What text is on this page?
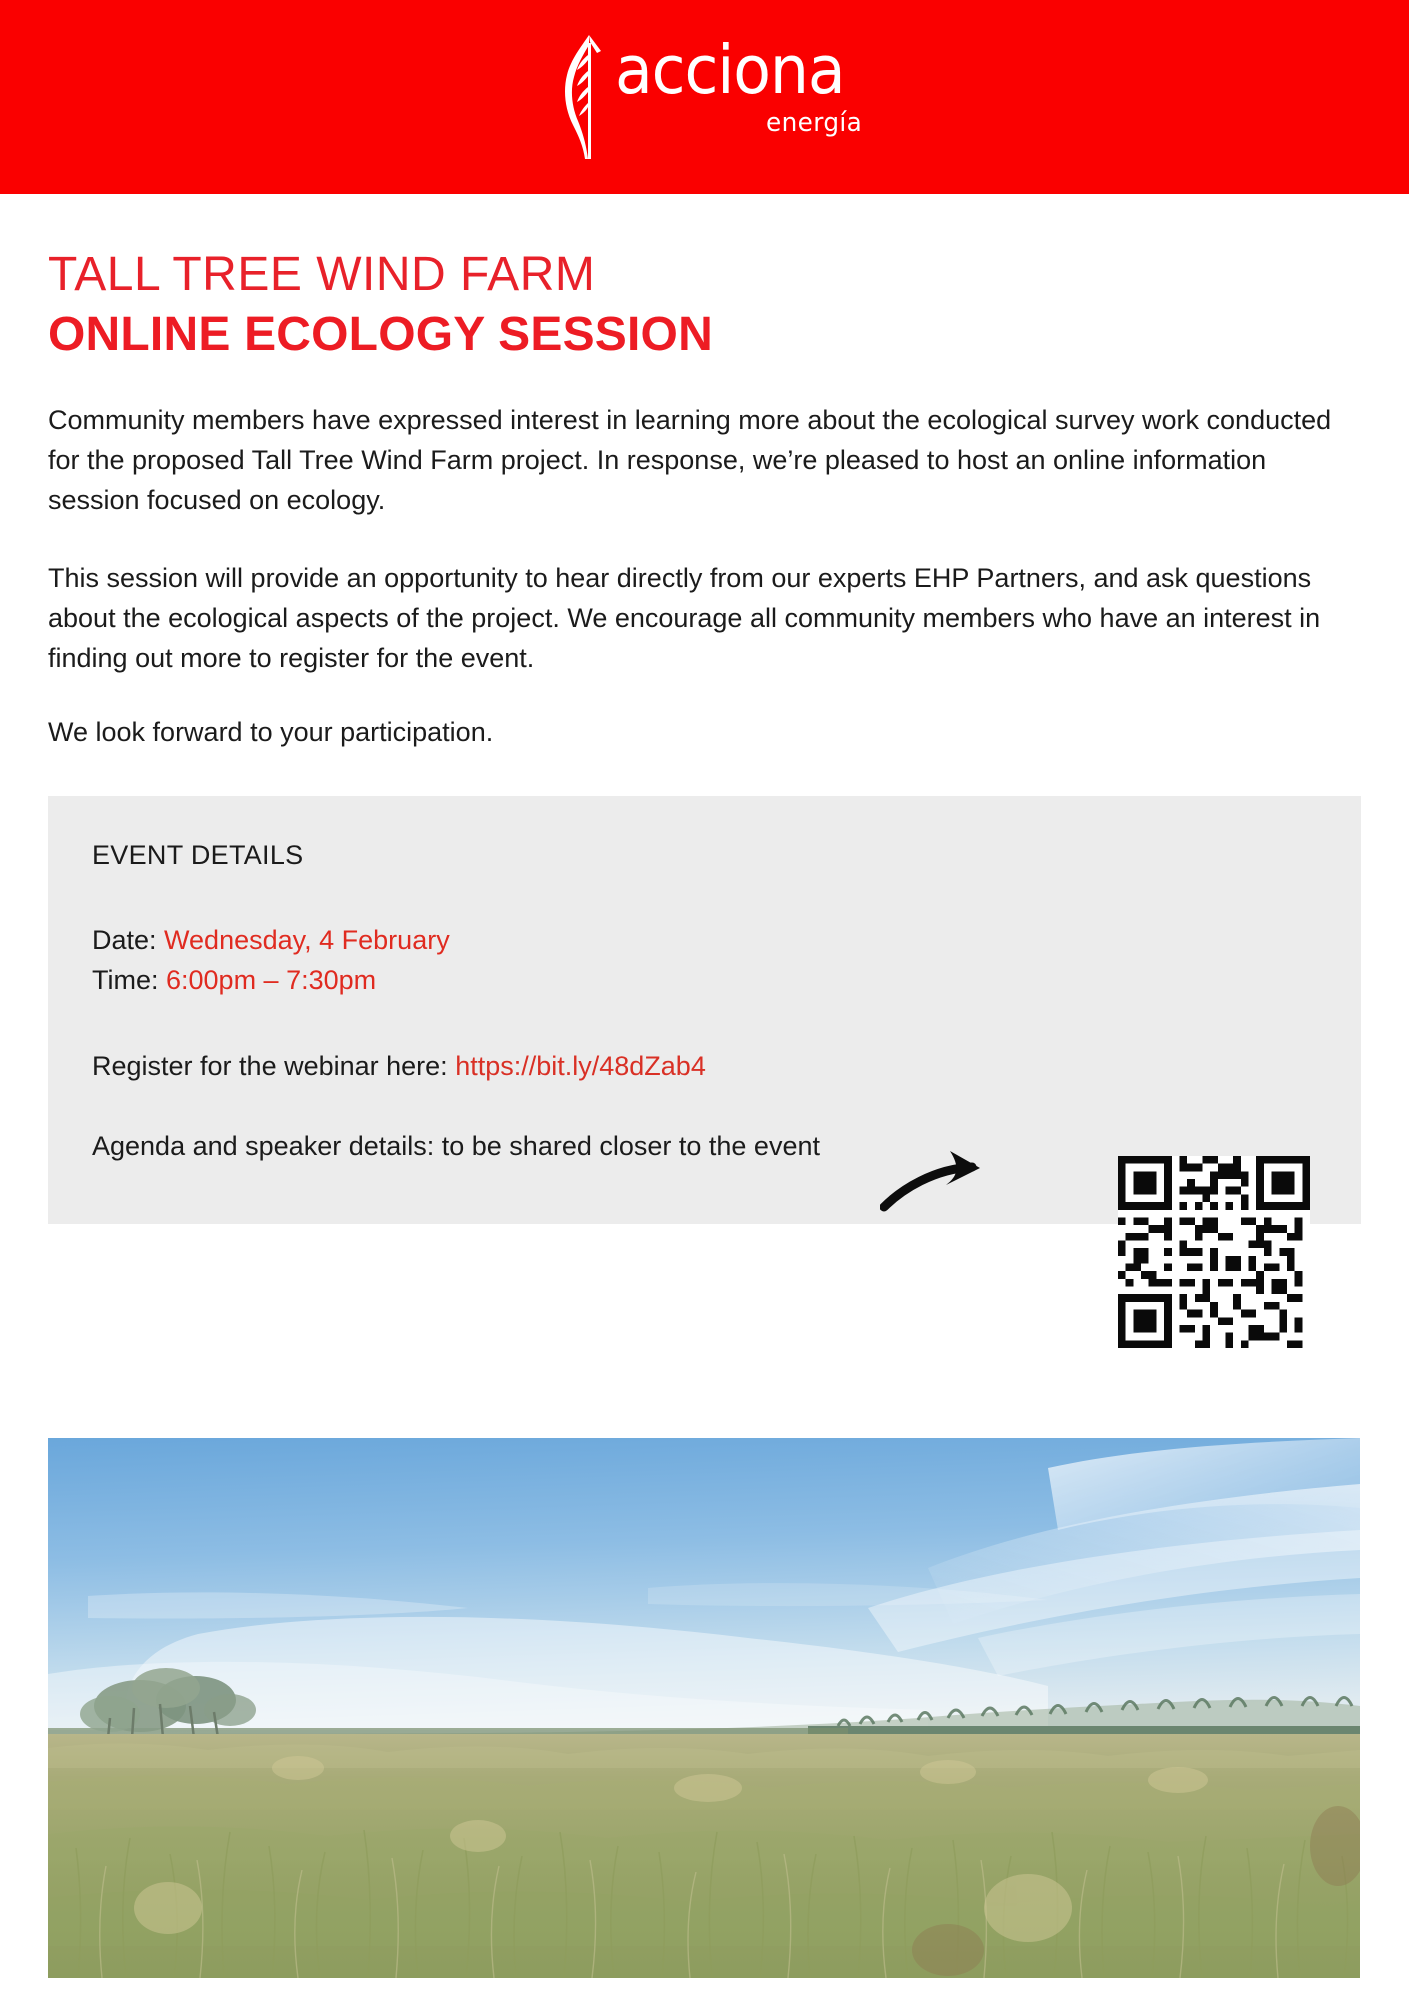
acciona
energía
TALL TREE WIND FARM
ONLINE ECOLOGY SESSION

Community members have expressed interest in learning more about the ecological survey work conducted for the proposed Tall Tree Wind Farm project. In response, we’re pleased to host an online information session focused on ecology.

This session will provide an opportunity to hear directly from our experts EHP Partners, and ask questions about the ecological aspects of the project. We encourage all community members who have an interest in finding out more to register for the event.

We look forward to your participation.

EVENT DETAILS
Date: Wednesday, 4 February
Time: 6:00pm – 7:30pm
Register for the webinar here: https://bit.ly/48dZab4
Agenda and speaker details: to be shared closer to the event
